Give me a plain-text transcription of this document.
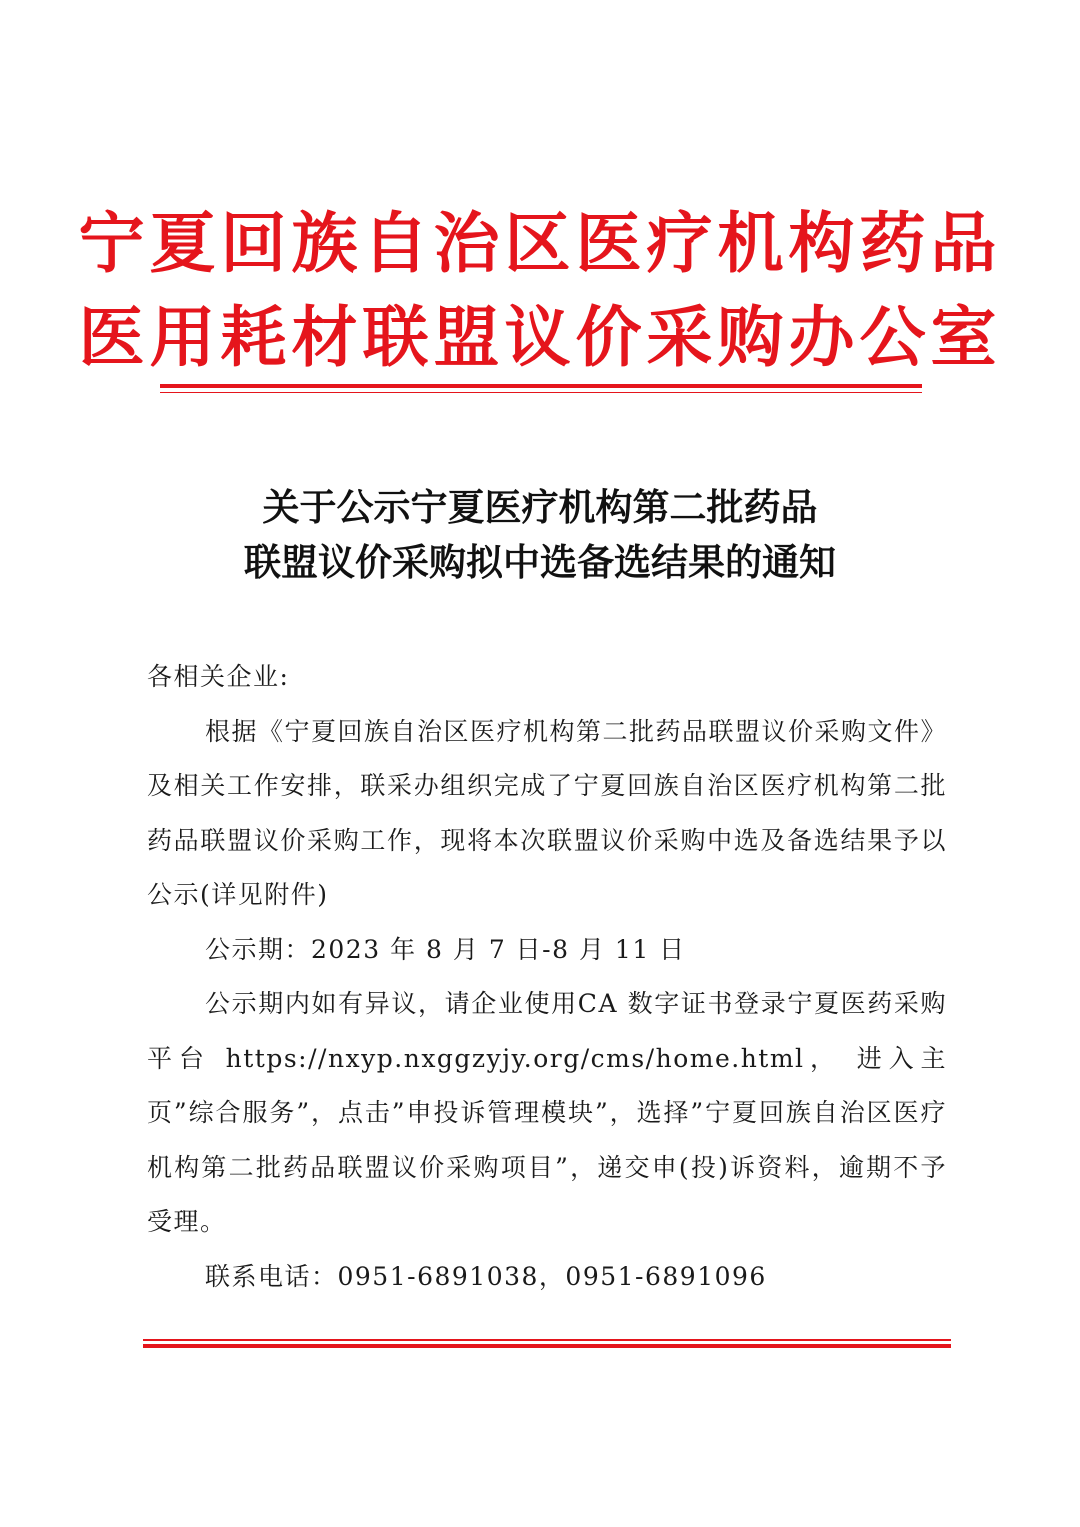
宁夏回族自治区医疗机构药品
医用耗材联盟议价采购办公室
关于公示宁夏医疗机构第二批药品
联盟议价采购拟中选备选结果的通知

各相关企业:

根据《宁夏回族自治区医疗机构第二批药品联盟议价采购文件》及相关工作安排，联采办组织完成了宁夏回族自治区医疗机构第二批药品联盟议价采购工作，现将本次联盟议价采购中选及备选结果予以公示(详见附件)

公示期：2023 年 8 月 7 日-8 月 11 日

公示期内如有异议，请企业使用CA 数字证书登录宁夏医药采购平台 https://nxyp.nxggzyjy.org/cms/home.html， 进入主页”综合服务”，点击”申投诉管理模块”，选择”宁夏回族自治区医疗机构第二批药品联盟议价采购项目”，递交申(投)诉资料，逾期不予受理。

联系电话：0951-6891038，0951-6891096
